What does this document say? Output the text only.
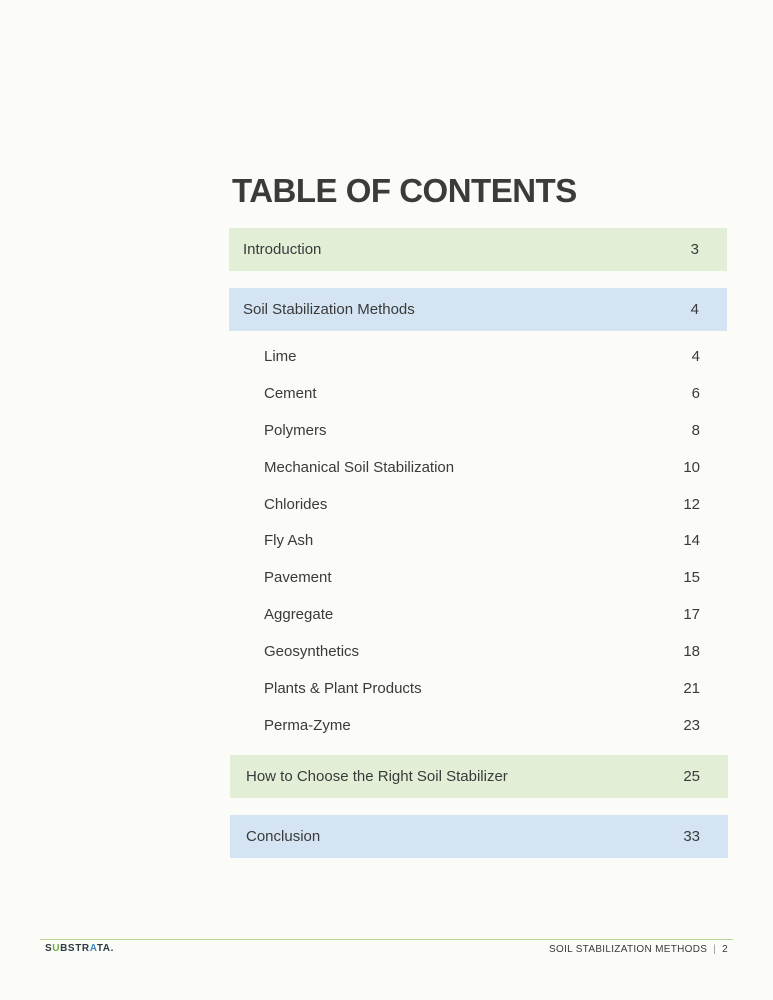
TABLE OF CONTENTS
Introduction	3
Soil Stabilization Methods	4
Lime	4
Cement	6
Polymers	8
Mechanical Soil Stabilization	10
Chlorides	12
Fly Ash	14
Pavement	15
Aggregate	17
Geosynthetics	18
Plants & Plant Products	21
Perma-Zyme	23
How to Choose the Right Soil Stabilizer	25
Conclusion	33
SUBSTRATA.	SOIL STABILIZATION METHODS | 2
